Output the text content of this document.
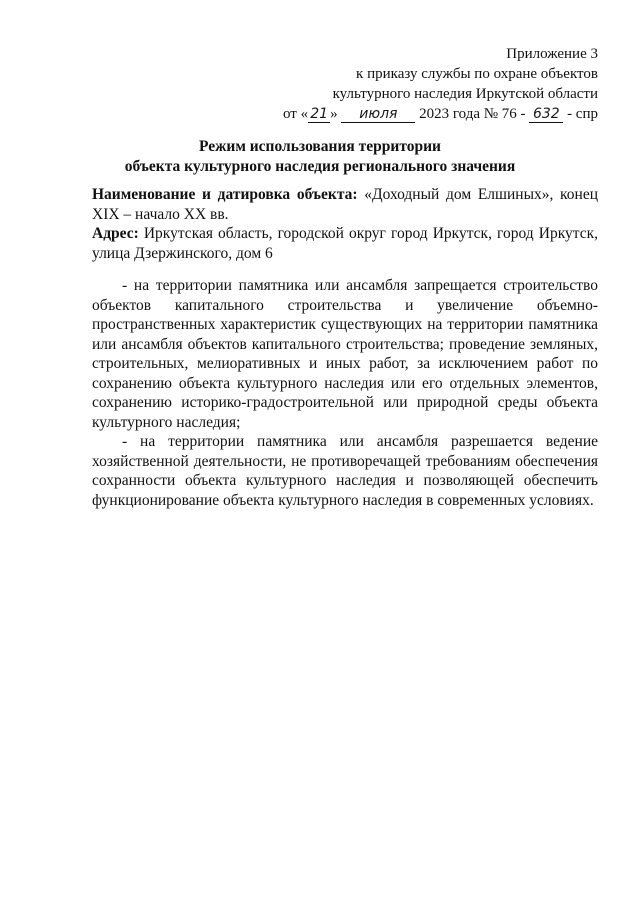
Приложение 3
к приказу службы по охране объектов
культурного наследия Иркутской области
от « 21 » июля 2023 года № 76 - 632 - спр
Режим использования территории
объекта культурного наследия регионального значения

Наименование и датировка объекта: «Доходный дом Елшиных», конец XIX – начало XX вв.

Адрес: Иркутская область, городской округ город Иркутск, город Иркутск, улица Дзержинского, дом 6

- на территории памятника или ансамбля запрещается строительство объектов капитального строительства и увеличение объемно-пространственных характеристик существующих на территории памятника или ансамбля объектов капитального строительства; проведение земляных, строительных, мелиоративных и иных работ, за исключением работ по сохранению объекта культурного наследия или его отдельных элементов, сохранению историко-градостроительной или природной среды объекта культурного наследия;

- на территории памятника или ансамбля разрешается ведение хозяйственной деятельности, не противоречащей требованиям обеспечения сохранности объекта культурного наследия и позволяющей обеспечить функционирование объекта культурного наследия в современных условиях.
